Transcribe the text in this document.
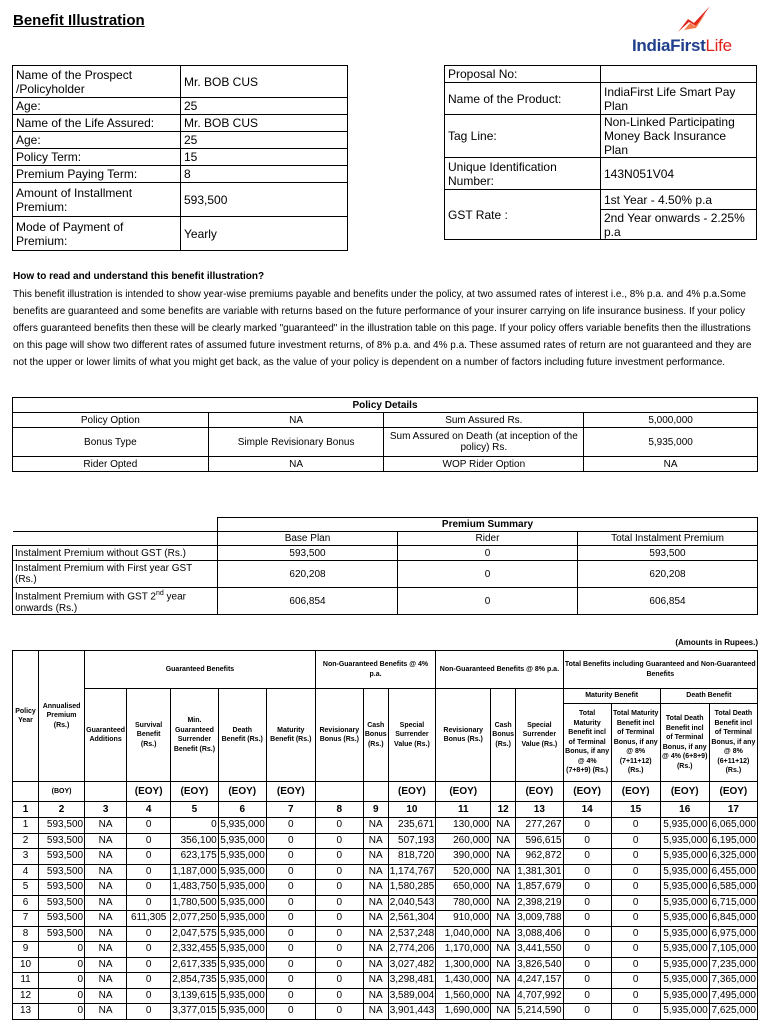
Benefit Illustration
IndiaFirstLife
Name of the Prospect /Policyholder	Mr. BOB CUS
Age:	25
Name of the Life Assured:	Mr. BOB CUS
Age:	25
Policy Term:	15
Premium Paying Term:	8
Amount of Installment Premium:	593,500
Mode of Payment of Premium:	Yearly
Proposal No:	
Name of the Product:	IndiaFirst Life Smart Pay Plan
Tag Line:	Non-Linked Participating Money Back Insurance Plan
Unique Identification Number:	143N051V04
GST Rate :	1st Year - 4.50% p.a
	2nd Year onwards - 2.25% p.a
How to read and understand this benefit illustration?
This benefit illustration is intended to show year-wise premiums payable and benefits under the policy, at two assumed rates of interest i.e., 8% p.a. and 4% p.a.Some benefits are guaranteed and some benefits are variable with returns based on the future performance of your insurer carrying on life insurance business. If your policy offers guaranteed benefits then these will be clearly marked "guaranteed" in the illustration table on this page. If your policy offers variable benefits then the illustrations on this page will show two different rates of assumed future investment returns, of 8% p.a. and 4% p.a. These assumed rates of return are not guaranteed and they are not the upper or lower limits of what you might get back, as the value of your policy is dependent on a number of factors including future investment performance.
Policy Details			
Policy Option	NA	Sum Assured Rs.	5,000,000
Bonus Type	Simple Revisionary Bonus	Sum Assured on Death (at inception of the policy) Rs.	5,935,000
Rider Opted	NA	WOP Rider Option	NA
	Premium Summary		
	Base Plan	Rider	Total Instalment Premium
Instalment Premium without GST (Rs.)	593,500	0	593,500
Instalment Premium with First year GST (Rs.)	620,208	0	620,208
Instalment Premium with GST 2nd year onwards (Rs.)	606,854	0	606,854
(Amounts in Rupees.)
Policy Year	Annualised Premium (Rs.)	Guaranteed Benefits					Non-Guaranteed Benefits @ 4% p.a.			Non-Guaranteed Benefits @ 8% p.a.			Total Benefits including Guaranteed and Non-Guaranteed Benefits			
		Guaranteed Additions	Survival Benefit (Rs.)	Min. Guaranteed Surrender Benefit (Rs.)	Death Benefit (Rs.)	Maturity Benefit (Rs.)	Revisionary Bonus (Rs.)	Cash Bonus (Rs.)	Special Surrender Value (Rs.)	Revisionary Bonus (Rs.)	Cash Bonus (Rs.)	Special Surrender Value (Rs.)	Maturity Benefit		Death Benefit	
													Total Maturity Benefit incl of Terminal Bonus, if any @ 4% (7+8+9) (Rs.)	Total Maturity Benefit incl of Terminal Bonus, if any @ 8% (7+11+12) (Rs.)	Total Death Benefit incl of Terminal Bonus, if any @ 4% (6+8+9) (Rs.)	Total Death Benefit incl of Terminal Bonus, if any @ 8% (6+11+12) (Rs.)
	(BOY)		(EOY)	(EOY)	(EOY)	(EOY)			(EOY)	(EOY)		(EOY)	(EOY)	(EOY)	(EOY)	(EOY)
1	2	3	4	5	6	7	8	9	10	11	12	13	14	15	16	17
1	593,500	NA	0	0	5,935,000	0	0	NA	235,671	130,000	NA	277,267	0	0	5,935,000	6,065,000
2	593,500	NA	0	356,100	5,935,000	0	0	NA	507,193	260,000	NA	596,615	0	0	5,935,000	6,195,000
3	593,500	NA	0	623,175	5,935,000	0	0	NA	818,720	390,000	NA	962,872	0	0	5,935,000	6,325,000
4	593,500	NA	0	1,187,000	5,935,000	0	0	NA	1,174,767	520,000	NA	1,381,301	0	0	5,935,000	6,455,000
5	593,500	NA	0	1,483,750	5,935,000	0	0	NA	1,580,285	650,000	NA	1,857,679	0	0	5,935,000	6,585,000
6	593,500	NA	0	1,780,500	5,935,000	0	0	NA	2,040,543	780,000	NA	2,398,219	0	0	5,935,000	6,715,000
7	593,500	NA	611,305	2,077,250	5,935,000	0	0	NA	2,561,304	910,000	NA	3,009,788	0	0	5,935,000	6,845,000
8	593,500	NA	0	2,047,575	5,935,000	0	0	NA	2,537,248	1,040,000	NA	3,088,406	0	0	5,935,000	6,975,000
9	0	NA	0	2,332,455	5,935,000	0	0	NA	2,774,206	1,170,000	NA	3,441,550	0	0	5,935,000	7,105,000
10	0	NA	0	2,617,335	5,935,000	0	0	NA	3,027,482	1,300,000	NA	3,826,540	0	0	5,935,000	7,235,000
11	0	NA	0	2,854,735	5,935,000	0	0	NA	3,298,481	1,430,000	NA	4,247,157	0	0	5,935,000	7,365,000
12	0	NA	0	3,139,615	5,935,000	0	0	NA	3,589,004	1,560,000	NA	4,707,992	0	0	5,935,000	7,495,000
13	0	NA	0	3,377,015	5,935,000	0	0	NA	3,901,443	1,690,000	NA	5,214,590	0	0	5,935,000	7,625,000
